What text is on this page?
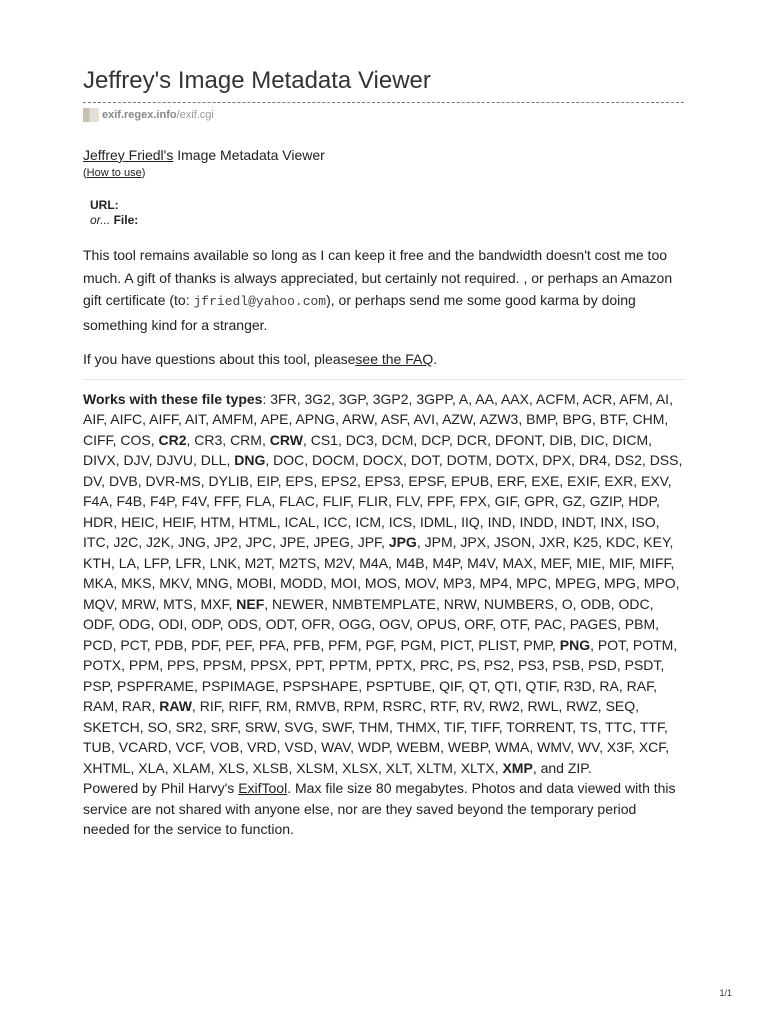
Jeffrey's Image Metadata Viewer
exif.regex.info /exif.cgi
Jeffrey Friedl's Image Metadata Viewer
(How to use)
URL:
or... File:

This tool remains available so long as I can keep it free and the bandwidth doesn't cost me too much. A gift of thanks is always appreciated, but certainly not required. , or perhaps an Amazon gift certificate (to: jfriedl@yahoo.com), or perhaps send me some good karma by doing something kind for a stranger.

If you have questions about this tool, pleasesee the FAQ.

Works with these file types: 3FR, 3G2, 3GP, 3GP2, 3GPP, A, AA, AAX, ACFM, ACR, AFM, AI, AIF, AIFC, AIFF, AIT, AMFM, APE, APNG, ARW, ASF, AVI, AZW, AZW3, BMP, BPG, BTF, CHM, CIFF, COS, CR2, CR3, CRM, CRW, CS1, DC3, DCM, DCP, DCR, DFONT, DIB, DIC, DICM, DIVX, DJV, DJVU, DLL, DNG, DOC, DOCM, DOCX, DOT, DOTM, DOTX, DPX, DR4, DS2, DSS, DV, DVB, DVR-MS, DYLIB, EIP, EPS, EPS2, EPS3, EPSF, EPUB, ERF, EXE, EXIF, EXR, EXV, F4A, F4B, F4P, F4V, FFF, FLA, FLAC, FLIF, FLIR, FLV, FPF, FPX, GIF, GPR, GZ, GZIP, HDP, HDR, HEIC, HEIF, HTM, HTML, ICAL, ICC, ICM, ICS, IDML, IIQ, IND, INDD, INDT, INX, ISO, ITC, J2C, J2K, JNG, JP2, JPC, JPE, JPEG, JPF, JPG, JPM, JPX, JSON, JXR, K25, KDC, KEY, KTH, LA, LFP, LFR, LNK, M2T, M2TS, M2V, M4A, M4B, M4P, M4V, MAX, MEF, MIE, MIF, MIFF, MKA, MKS, MKV, MNG, MOBI, MODD, MOI, MOS, MOV, MP3, MP4, MPC, MPEG, MPG, MPO, MQV, MRW, MTS, MXF, NEF, NEWER, NMBTEMPLATE, NRW, NUMBERS, O, ODB, ODC, ODF, ODG, ODI, ODP, ODS, ODT, OFR, OGG, OGV, OPUS, ORF, OTF, PAC, PAGES, PBM, PCD, PCT, PDB, PDF, PEF, PFA, PFB, PFM, PGF, PGM, PICT, PLIST, PMP, PNG, POT, POTM, POTX, PPM, PPS, PPSM, PPSX, PPT, PPTM, PPTX, PRC, PS, PS2, PS3, PSB, PSD, PSDT, PSP, PSPFRAME, PSPIMAGE, PSPSHAPE, PSPTUBE, QIF, QT, QTI, QTIF, R3D, RA, RAF, RAM, RAR, RAW, RIF, RIFF, RM, RMVB, RPM, RSRC, RTF, RV, RW2, RWL, RWZ, SEQ, SKETCH, SO, SR2, SRF, SRW, SVG, SWF, THM, THMX, TIF, TIFF, TORRENT, TS, TTC, TTF, TUB, VCARD, VCF, VOB, VRD, VSD, WAV, WDP, WEBM, WEBP, WMA, WMV, WV, X3F, XCF, XHTML, XLA, XLAM, XLS, XLSB, XLSM, XLSX, XLT, XLTM, XLTX, XMP, and ZIP.
Powered by Phil Harvy's ExifTool. Max file size 80 megabytes. Photos and data viewed with this service are not shared with anyone else, nor are they saved beyond the temporary period needed for the service to function.
1/1
